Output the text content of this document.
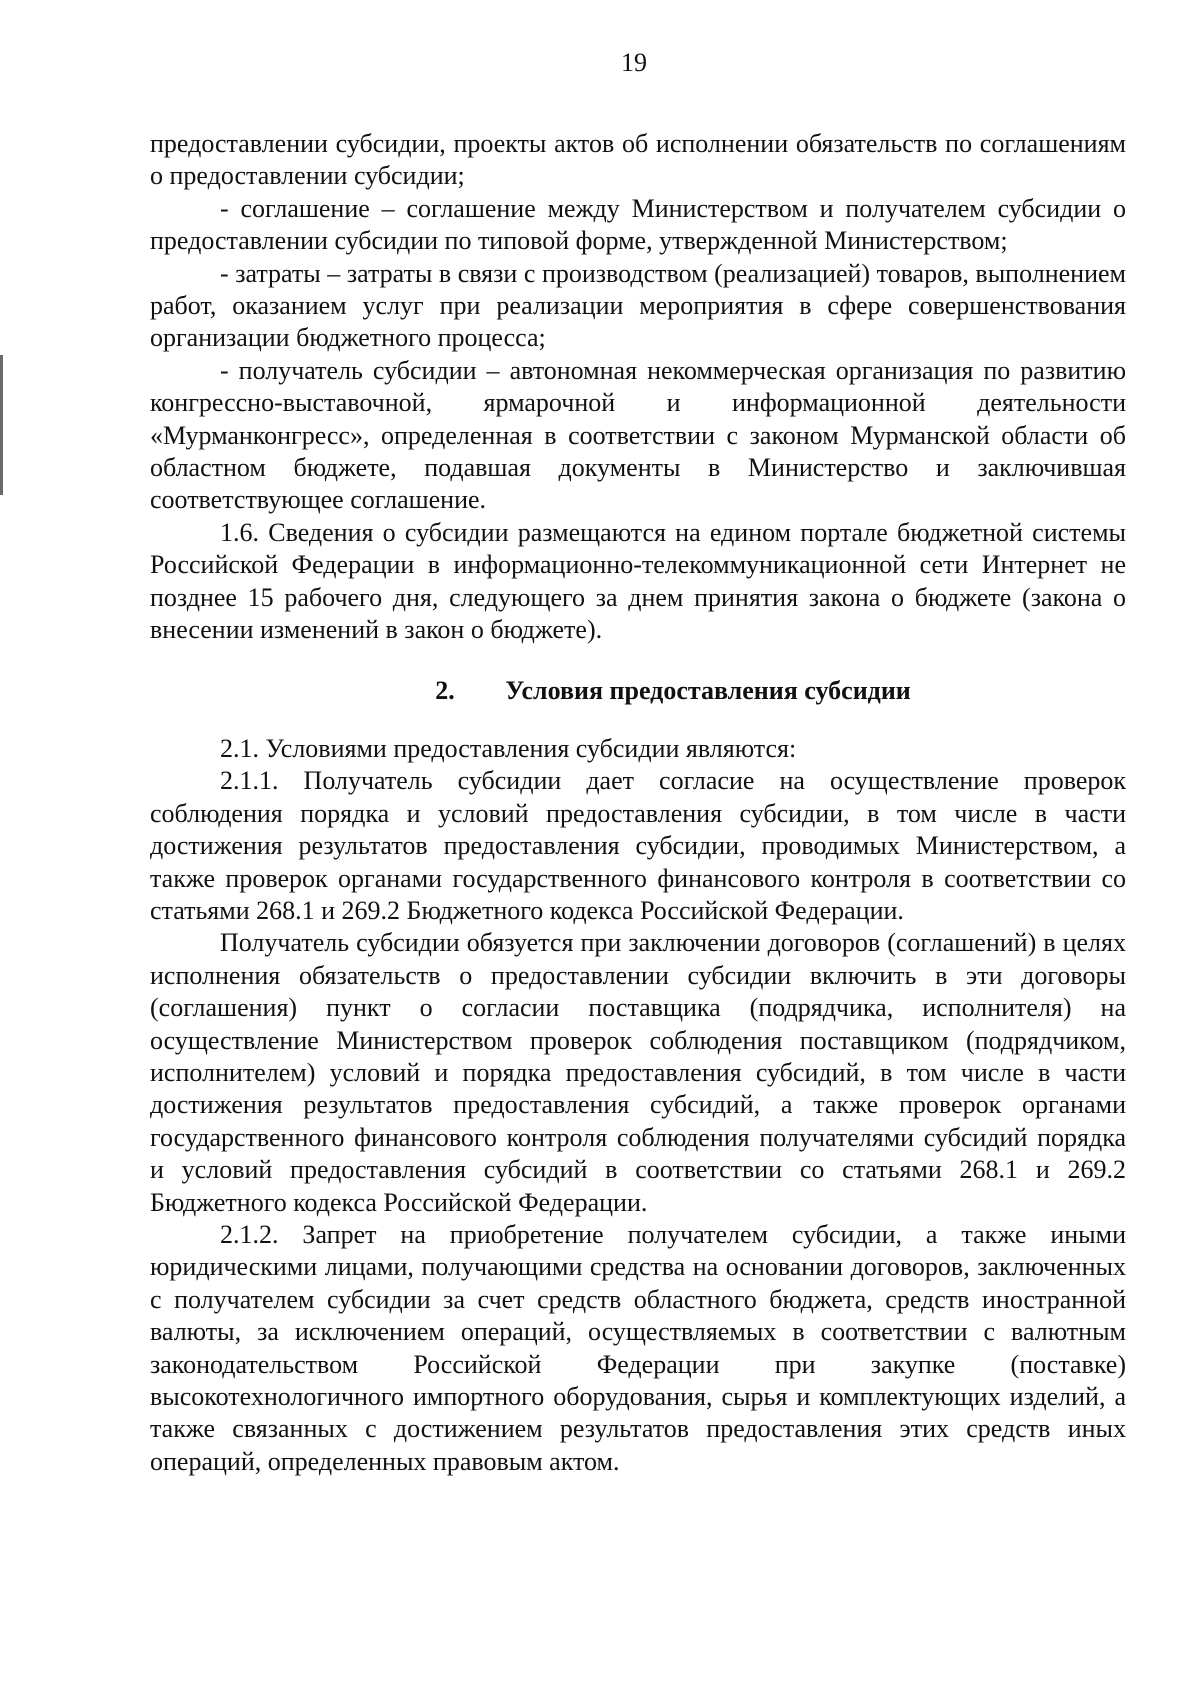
19

предоставлении субсидии, проекты актов об исполнении обязательств по соглашениям о предоставлении субсидии;

- соглашение – соглашение между Министерством и получателем субсидии о предоставлении субсидии по типовой форме, утвержденной Министерством;

- затраты – затраты в связи с производством (реализацией) товаров, выполнением работ, оказанием услуг при реализации мероприятия в сфере совершенствования организации бюджетного процесса;

- получатель субсидии – автономная некоммерческая организация по развитию конгрессно-выставочной, ярмарочной и информационной деятельности «Мурманконгресс», определенная в соответствии с законом Мурманской области об областном бюджете, подавшая документы в Министерство и заключившая соответствующее соглашение.

1.6. Сведения о субсидии размещаются на едином портале бюджетной системы Российской Федерации в информационно-телекоммуникационной сети Интернет не позднее 15 рабочего дня, следующего за днем принятия закона о бюджете (закона о внесении изменений в закон о бюджете).

2. Условия предоставления субсидии

2.1. Условиями предоставления субсидии являются:

2.1.1. Получатель субсидии дает согласие на осуществление проверок соблюдения порядка и условий предоставления субсидии, в том числе в части достижения результатов предоставления субсидии, проводимых Министерством, а также проверок органами государственного финансового контроля в соответствии со статьями 268.1 и 269.2 Бюджетного кодекса Российской Федерации.

Получатель субсидии обязуется при заключении договоров (соглашений) в целях исполнения обязательств о предоставлении субсидии включить в эти договоры (соглашения) пункт о согласии поставщика (подрядчика, исполнителя) на осуществление Министерством проверок соблюдения поставщиком (подрядчиком, исполнителем) условий и порядка предоставления субсидий, в том числе в части достижения результатов предоставления субсидий, а также проверок органами государственного финансового контроля соблюдения получателями субсидий порядка и условий предоставления субсидий в соответствии со статьями 268.1 и 269.2 Бюджетного кодекса Российской Федерации.

2.1.2. Запрет на приобретение получателем субсидии, а также иными юридическими лицами, получающими средства на основании договоров, заключенных с получателем субсидии за счет средств областного бюджета, средств иностранной валюты, за исключением операций, осуществляемых в соответствии с валютным законодательством Российской Федерации при закупке (поставке) высокотехнологичного импортного оборудования, сырья и комплектующих изделий, а также связанных с достижением результатов предоставления этих средств иных операций, определенных правовым актом.
